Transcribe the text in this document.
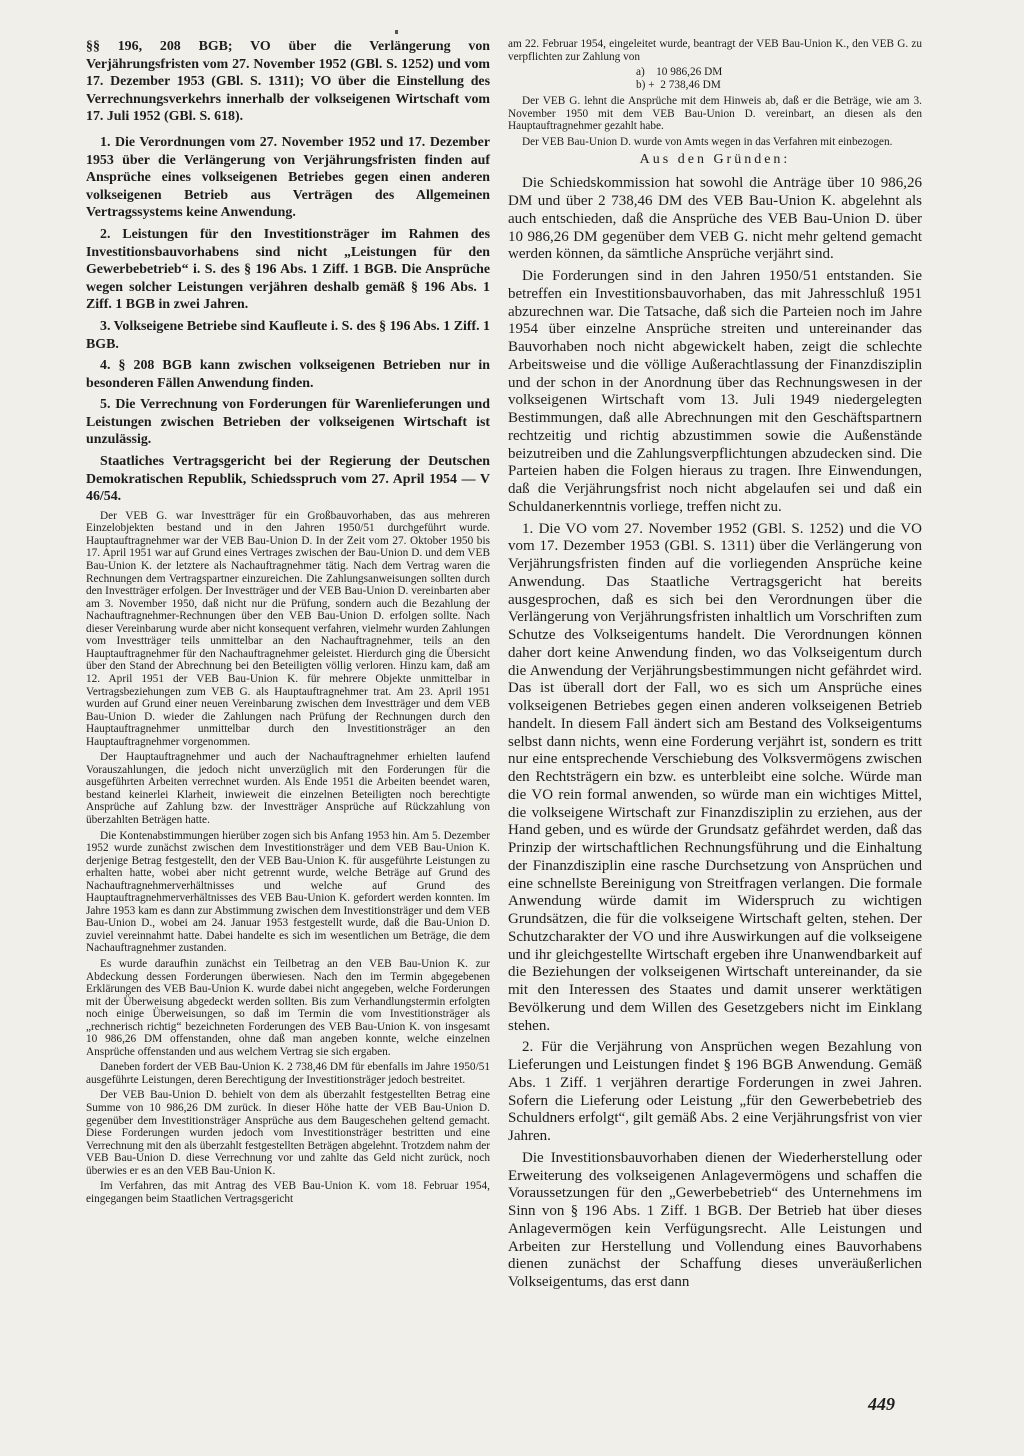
§§ 196, 208 BGB; VO über die Verlängerung von Verjährungsfristen vom 27. November 1952 (GBl. S. 1252) und vom 17. Dezember 1953 (GBl. S. 1311); VO über die Einstellung des Verrechnungsverkehrs innerhalb der volkseigenen Wirtschaft vom 17. Juli 1952 (GBl. S. 618).

1. Die Verordnungen vom 27. November 1952 und 17. Dezember 1953 über die Verlängerung von Verjährungsfristen finden auf Ansprüche eines volkseigenen Betriebes gegen einen anderen volkseigenen Betrieb aus Verträgen des Allgemeinen Vertragssystems keine Anwendung.

2. Leistungen für den Investitionsträger im Rahmen des Investitionsbauvorhabens sind nicht „Leistungen für den Gewerbebetrieb“ i. S. des § 196 Abs. 1 Ziff. 1 BGB. Die Ansprüche wegen solcher Leistungen verjähren deshalb gemäß § 196 Abs. 1 Ziff. 1 BGB in zwei Jahren.

3. Volkseigene Betriebe sind Kaufleute i. S. des § 196 Abs. 1 Ziff. 1 BGB.

4. § 208 BGB kann zwischen volkseigenen Betrieben nur in besonderen Fällen Anwendung finden.

5. Die Verrechnung von Forderungen für Warenlieferungen und Leistungen zwischen Betrieben der volkseigenen Wirtschaft ist unzulässig.

Staatliches Vertragsgericht bei der Regierung der Deutschen Demokratischen Republik, Schiedsspruch vom 27. April 1954 — V 46/54.

Der VEB G. war Investträger für ein Großbauvorhaben, das aus mehreren Einzelobjekten bestand und in den Jahren 1950/51 durchgeführt wurde. Hauptauftragnehmer war der VEB Bau-Union D. In der Zeit vom 27. Oktober 1950 bis 17. April 1951 war auf Grund eines Vertrages zwischen der Bau-Union D. und dem VEB Bau-Union K. der letztere als Nachauftragnehmer tätig. Nach dem Vertrag waren die Rechnungen dem Vertragspartner einzureichen. Die Zahlungsanweisungen sollten durch den Investträger erfolgen. Der Investträger und der VEB Bau-Union D. vereinbarten aber am 3. November 1950, daß nicht nur die Prüfung, sondern auch die Bezahlung der Nachauftragnehmer-Rechnungen über den VEB Bau-Union D. erfolgen sollte. Nach dieser Vereinbarung wurde aber nicht konsequent verfahren, vielmehr wurden Zahlungen vom Investträger teils unmittelbar an den Nachauftragnehmer, teils an den Hauptauftragnehmer für den Nachauftragnehmer geleistet. Hierdurch ging die Übersicht über den Stand der Abrechnung bei den Beteiligten völlig verloren. Hinzu kam, daß am 12. April 1951 der VEB Bau-Union K. für mehrere Objekte unmittelbar in Vertragsbeziehungen zum VEB G. als Hauptauftragnehmer trat. Am 23. April 1951 wurden auf Grund einer neuen Vereinbarung zwischen dem Investträger und dem VEB Bau-Union D. wieder die Zahlungen nach Prüfung der Rechnungen durch den Hauptauftragnehmer unmittelbar durch den Investitionsträger an den Hauptauftragnehmer vorgenommen.

Der Hauptauftragnehmer und auch der Nachauftragnehmer erhielten laufend Vorauszahlungen, die jedoch nicht unverzüglich mit den Forderungen für die ausgeführten Arbeiten verrechnet wurden. Als Ende 1951 die Arbeiten beendet waren, bestand keinerlei Klarheit, inwieweit die einzelnen Beteiligten noch berechtigte Ansprüche auf Zahlung bzw. der Investträger Ansprüche auf Rückzahlung von überzahlten Beträgen hatte.

Die Kontenabstimmungen hierüber zogen sich bis Anfang 1953 hin. Am 5. Dezember 1952 wurde zunächst zwischen dem Investitionsträger und dem VEB Bau-Union K. derjenige Betrag festgestellt, den der VEB Bau-Union K. für ausgeführte Leistungen zu erhalten hatte, wobei aber nicht getrennt wurde, welche Beträge auf Grund des Nachauftragnehmerverhältnisses und welche auf Grund des Hauptauftragnehmerverhältnisses des VEB Bau-Union K. gefordert werden konnten. Im Jahre 1953 kam es dann zur Abstimmung zwischen dem Investitionsträger und dem VEB Bau-Union D., wobei am 24. Januar 1953 festgestellt wurde, daß die Bau-Union D. zuviel vereinnahmt hatte. Dabei handelte es sich im wesentlichen um Beträge, die dem Nachauftragnehmer zustanden.

Es wurde daraufhin zunächst ein Teilbetrag an den VEB Bau-Union K. zur Abdeckung dessen Forderungen überwiesen. Nach den im Termin abgegebenen Erklärungen des VEB Bau-Union K. wurde dabei nicht angegeben, welche Forderungen mit der Überweisung abgedeckt werden sollten. Bis zum Verhandlungstermin erfolgten noch einige Überweisungen, so daß im Termin die vom Investitionsträger als „rechnerisch richtig“ bezeichneten Forderungen des VEB Bau-Union K. von insgesamt 10 986,26 DM offenstanden, ohne daß man angeben konnte, welche einzelnen Ansprüche offenstanden und aus welchem Vertrag sie sich ergaben.

Daneben fordert der VEB Bau-Union K. 2 738,46 DM für ebenfalls im Jahre 1950/51 ausgeführte Leistungen, deren Berechtigung der Investitionsträger jedoch bestreitet.

Der VEB Bau-Union D. behielt von dem als überzahlt festgestellten Betrag eine Summe von 10 986,26 DM zurück. In dieser Höhe hatte der VEB Bau-Union D. gegenüber dem Investitionsträger Ansprüche aus dem Baugeschehen geltend gemacht. Diese Forderungen wurden jedoch vom Investitionsträger bestritten und eine Verrechnung mit den als überzahlt festgestellten Beträgen abgelehnt. Trotzdem nahm der VEB Bau-Union D. diese Verrechnung vor und zahlte das Geld nicht zurück, noch überwies er es an den VEB Bau-Union K.

Im Verfahren, das mit Antrag des VEB Bau-Union K. vom 18. Februar 1954, eingegangen beim Staatlichen Vertragsgericht

am 22. Februar 1954, eingeleitet wurde, beantragt der VEB Bau-Union K., den VEB G. zu verpflichten zur Zahlung von

a)    10 986,26 DM
b) +  2 738,46 DM

Der VEB G. lehnt die Ansprüche mit dem Hinweis ab, daß er die Beträge, wie am 3. November 1950 mit dem VEB Bau-Union D. vereinbart, an diesen als den Hauptauftragnehmer gezahlt habe.

Der VEB Bau-Union D. wurde von Amts wegen in das Verfahren mit einbezogen.

Aus den Gründen:

Die Schiedskommission hat sowohl die Anträge über 10 986,26 DM und über 2 738,46 DM des VEB Bau-Union K. abgelehnt als auch entschieden, daß die Ansprüche des VEB Bau-Union D. über 10 986,26 DM gegenüber dem VEB G. nicht mehr geltend gemacht werden können, da sämtliche Ansprüche verjährt sind.

Die Forderungen sind in den Jahren 1950/51 entstanden. Sie betreffen ein Investitionsbauvorhaben, das mit Jahresschluß 1951 abzurechnen war. Die Tatsache, daß sich die Parteien noch im Jahre 1954 über einzelne Ansprüche streiten und untereinander das Bauvorhaben noch nicht abgewickelt haben, zeigt die schlechte Arbeitsweise und die völlige Außerachtlassung der Finanzdisziplin und der schon in der Anordnung über das Rechnungswesen in der volkseigenen Wirtschaft vom 13. Juli 1949 niedergelegten Bestimmungen, daß alle Abrechnungen mit den Geschäftspartnern rechtzeitig und richtig abzustimmen sowie die Außenstände beizutreiben und die Zahlungsverpflichtungen abzudecken sind. Die Parteien haben die Folgen hieraus zu tragen. Ihre Einwendungen, daß die Verjährungsfrist noch nicht abgelaufen sei und daß ein Schuldanerkenntnis vorliege, treffen nicht zu.

1. Die VO vom 27. November 1952 (GBl. S. 1252) und die VO vom 17. Dezember 1953 (GBl. S. 1311) über die Verlängerung von Verjährungsfristen finden auf die vorliegenden Ansprüche keine Anwendung. Das Staatliche Vertragsgericht hat bereits ausgesprochen, daß es sich bei den Verordnungen über die Verlängerung von Verjährungsfristen inhaltlich um Vorschriften zum Schutze des Volkseigentums handelt. Die Verordnungen können daher dort keine Anwendung finden, wo das Volkseigentum durch die Anwendung der Verjährungsbestimmungen nicht gefährdet wird. Das ist überall dort der Fall, wo es sich um Ansprüche eines volkseigenen Betriebes gegen einen anderen volkseigenen Betrieb handelt. In diesem Fall ändert sich am Bestand des Volkseigentums selbst dann nichts, wenn eine Forderung verjährt ist, sondern es tritt nur eine entsprechende Verschiebung des Volksvermögens zwischen den Rechtsträgern ein bzw. es unterbleibt eine solche. Würde man die VO rein formal anwenden, so würde man ein wichtiges Mittel, die volkseigene Wirtschaft zur Finanzdisziplin zu erziehen, aus der Hand geben, und es würde der Grundsatz gefährdet werden, daß das Prinzip der wirtschaftlichen Rechnungsführung und die Einhaltung der Finanzdisziplin eine rasche Durchsetzung von Ansprüchen und eine schnellste Bereinigung von Streitfragen verlangen. Die formale Anwendung würde damit im Widerspruch zu wichtigen Grundsätzen, die für die volkseigene Wirtschaft gelten, stehen. Der Schutzcharakter der VO und ihre Auswirkungen auf die volkseigene und ihr gleichgestellte Wirtschaft ergeben ihre Unanwendbarkeit auf die Beziehungen der volkseigenen Wirtschaft untereinander, da sie mit den Interessen des Staates und damit unserer werktätigen Bevölkerung und dem Willen des Gesetzgebers nicht im Einklang stehen.

2. Für die Verjährung von Ansprüchen wegen Bezahlung von Lieferungen und Leistungen findet § 196 BGB Anwendung. Gemäß Abs. 1 Ziff. 1 verjähren derartige Forderungen in zwei Jahren. Sofern die Lieferung oder Leistung „für den Gewerbebetrieb des Schuldners erfolgt“, gilt gemäß Abs. 2 eine Verjährungsfrist von vier Jahren.

Die Investitionsbauvorhaben dienen der Wiederherstellung oder Erweiterung des volkseigenen Anlagevermögens und schaffen die Voraussetzungen für den „Gewerbebetrieb“ des Unternehmens im Sinn von § 196 Abs. 1 Ziff. 1 BGB. Der Betrieb hat über dieses Anlagevermögen kein Verfügungsrecht. Alle Leistungen und Arbeiten zur Herstellung und Vollendung eines Bauvorhabens dienen zunächst der Schaffung dieses unveräußerlichen Volkseigentums, das erst dann

449
